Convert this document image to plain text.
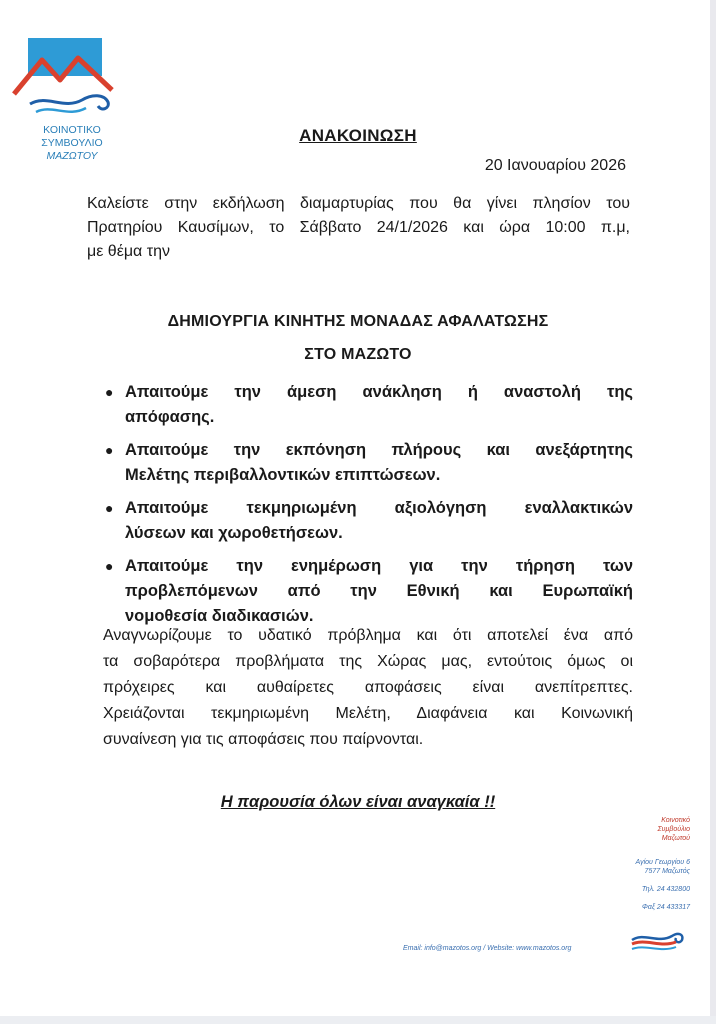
ΚΟΙΝΟΤΙΚΟ ΣΥΜΒΟΥΛΙΟ
ΜΑΖΩΤΟΥ
ΑΝΑΚΟΙΝΩΣΗ
20 Ιανουαρίου 2026
Καλείστε στην εκδήλωση διαμαρτυρίας που θα γίνει πλησίον του
Πρατηρίου Καυσίμων, το Σάββατο 24/1/2026 και ώρα 10:00 π.μ,
με θέμα την
ΔΗΜΙΟΥΡΓΙΑ ΚΙΝΗΤΗΣ ΜΟΝΑΔΑΣ ΑΦΑΛΑΤΩΣΗΣ
ΣΤΟ ΜΑΖΩΤΟ
● Απαιτούμε την άμεση ανάκληση ή αναστολή της
απόφασης.
● Απαιτούμε την εκπόνηση πλήρους και ανεξάρτητης
Μελέτης περιβαλλοντικών επιπτώσεων.
● Απαιτούμε τεκμηριωμένη αξιολόγηση εναλλακτικών
λύσεων και χωροθετήσεων.
● Απαιτούμε την ενημέρωση για την τήρηση των
προβλεπόμενων από την Εθνική και Ευρωπαϊκή
νομοθεσία διαδικασιών.
Αναγνωρίζουμε το υδατικό πρόβλημα και ότι αποτελεί ένα από
τα σοβαρότερα προβλήματα της Χώρας μας, εντούτοις όμως οι
πρόχειρες και αυθαίρετες αποφάσεις είναι ανεπίτρεπτες.
Χρειάζονται τεκμηριωμένη Μελέτη, Διαφάνεια και Κοινωνική
συναίνεση για τις αποφάσεις που παίρνονται.
Η παρουσία όλων είναι αναγκαία !!
Κοινοτικό
Συμβούλιο
Μαζωτού
Αγίου Γεωργίου 6
7577 Μαζωτός
Τηλ. 24 432800
Φαξ 24 433317
Email: info@mazotos.org / Website: www.mazotos.org
